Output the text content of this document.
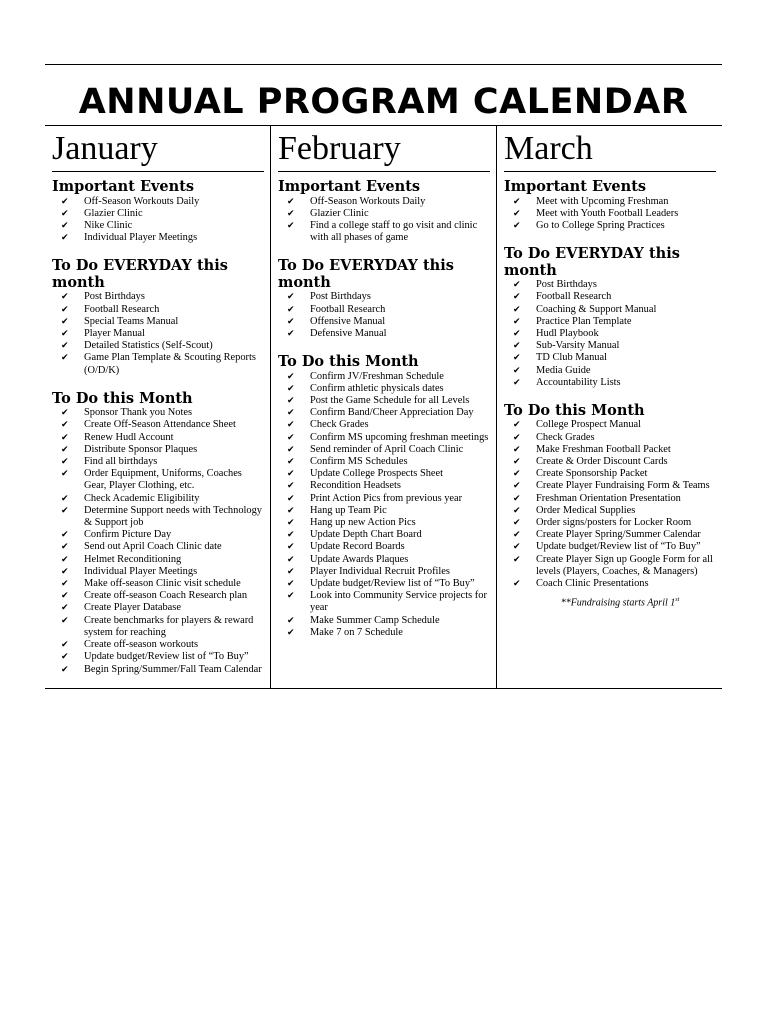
ANNUAL PROGRAM CALENDAR
January
Important Events
✔ Off-Season Workouts Daily
✔ Glazier Clinic
✔ Nike Clinic
✔ Individual Player Meetings
To Do EVERYDAY this month
✔ Post Birthdays
✔ Football Research
✔ Special Teams Manual
✔ Player Manual
✔ Detailed Statistics (Self-Scout)
✔ Game Plan Template & Scouting Reports (O/D/K)
To Do this Month
✔ Sponsor Thank you Notes
✔ Create Off-Season Attendance Sheet
✔ Renew Hudl Account
✔ Distribute Sponsor Plaques
✔ Find all birthdays
✔ Order Equipment, Uniforms, Coaches Gear, Player Clothing, etc.
✔ Check Academic Eligibility
✔ Determine Support needs with Technology & Support job
✔ Confirm Picture Day
✔ Send out April Coach Clinic date
✔ Helmet Reconditioning
✔ Individual Player Meetings
✔ Make off-season Clinic visit schedule
✔ Create off-season Coach Research plan
✔ Create Player Database
✔ Create benchmarks for players & reward system for reaching
✔ Create off-season workouts
✔ Update budget/Review list of “To Buy”
✔ Begin Spring/Summer/Fall Team Calendar
February
Important Events
✔ Off-Season Workouts Daily
✔ Glazier Clinic
✔ Find a college staff to go visit and clinic with all phases of game
To Do EVERYDAY this month
✔ Post Birthdays
✔ Football Research
✔ Offensive Manual
✔ Defensive Manual
To Do this Month
✔ Confirm JV/Freshman Schedule
✔ Confirm athletic physicals dates
✔ Post the Game Schedule for all Levels
✔ Confirm Band/Cheer Appreciation Day
✔ Check Grades
✔ Confirm MS upcoming freshman meetings
✔ Send reminder of April Coach Clinic
✔ Confirm MS Schedules
✔ Update College Prospects Sheet
✔ Recondition Headsets
✔ Print Action Pics from previous year
✔ Hang up Team Pic
✔ Hang up new Action Pics
✔ Update Depth Chart Board
✔ Update Record Boards
✔ Update Awards Plaques
✔ Player Individual Recruit Profiles
✔ Update budget/Review list of “To Buy”
✔ Look into Community Service projects for year
✔ Make Summer Camp Schedule
✔ Make 7 on 7 Schedule
March
Important Events
✔ Meet with Upcoming Freshman
✔ Meet with Youth Football Leaders
✔ Go to College Spring Practices
To Do EVERYDAY this month
✔ Post Birthdays
✔ Football Research
✔ Coaching & Support Manual
✔ Practice Plan Template
✔ Hudl Playbook
✔ Sub-Varsity Manual
✔ TD Club Manual
✔ Media Guide
✔ Accountability Lists
To Do this Month
✔ College Prospect Manual
✔ Check Grades
✔ Make Freshman Football Packet
✔ Create & Order Discount Cards
✔ Create Sponsorship Packet
✔ Create Player Fundraising Form & Teams
✔ Freshman Orientation Presentation
✔ Order Medical Supplies
✔ Order signs/posters for Locker Room
✔ Create Player Spring/Summer Calendar
✔ Update budget/Review list of “To Buy”
✔ Create Player Sign up Google Form for all levels (Players, Coaches, & Managers)
✔ Coach Clinic Presentations
**Fundraising starts April 1st
